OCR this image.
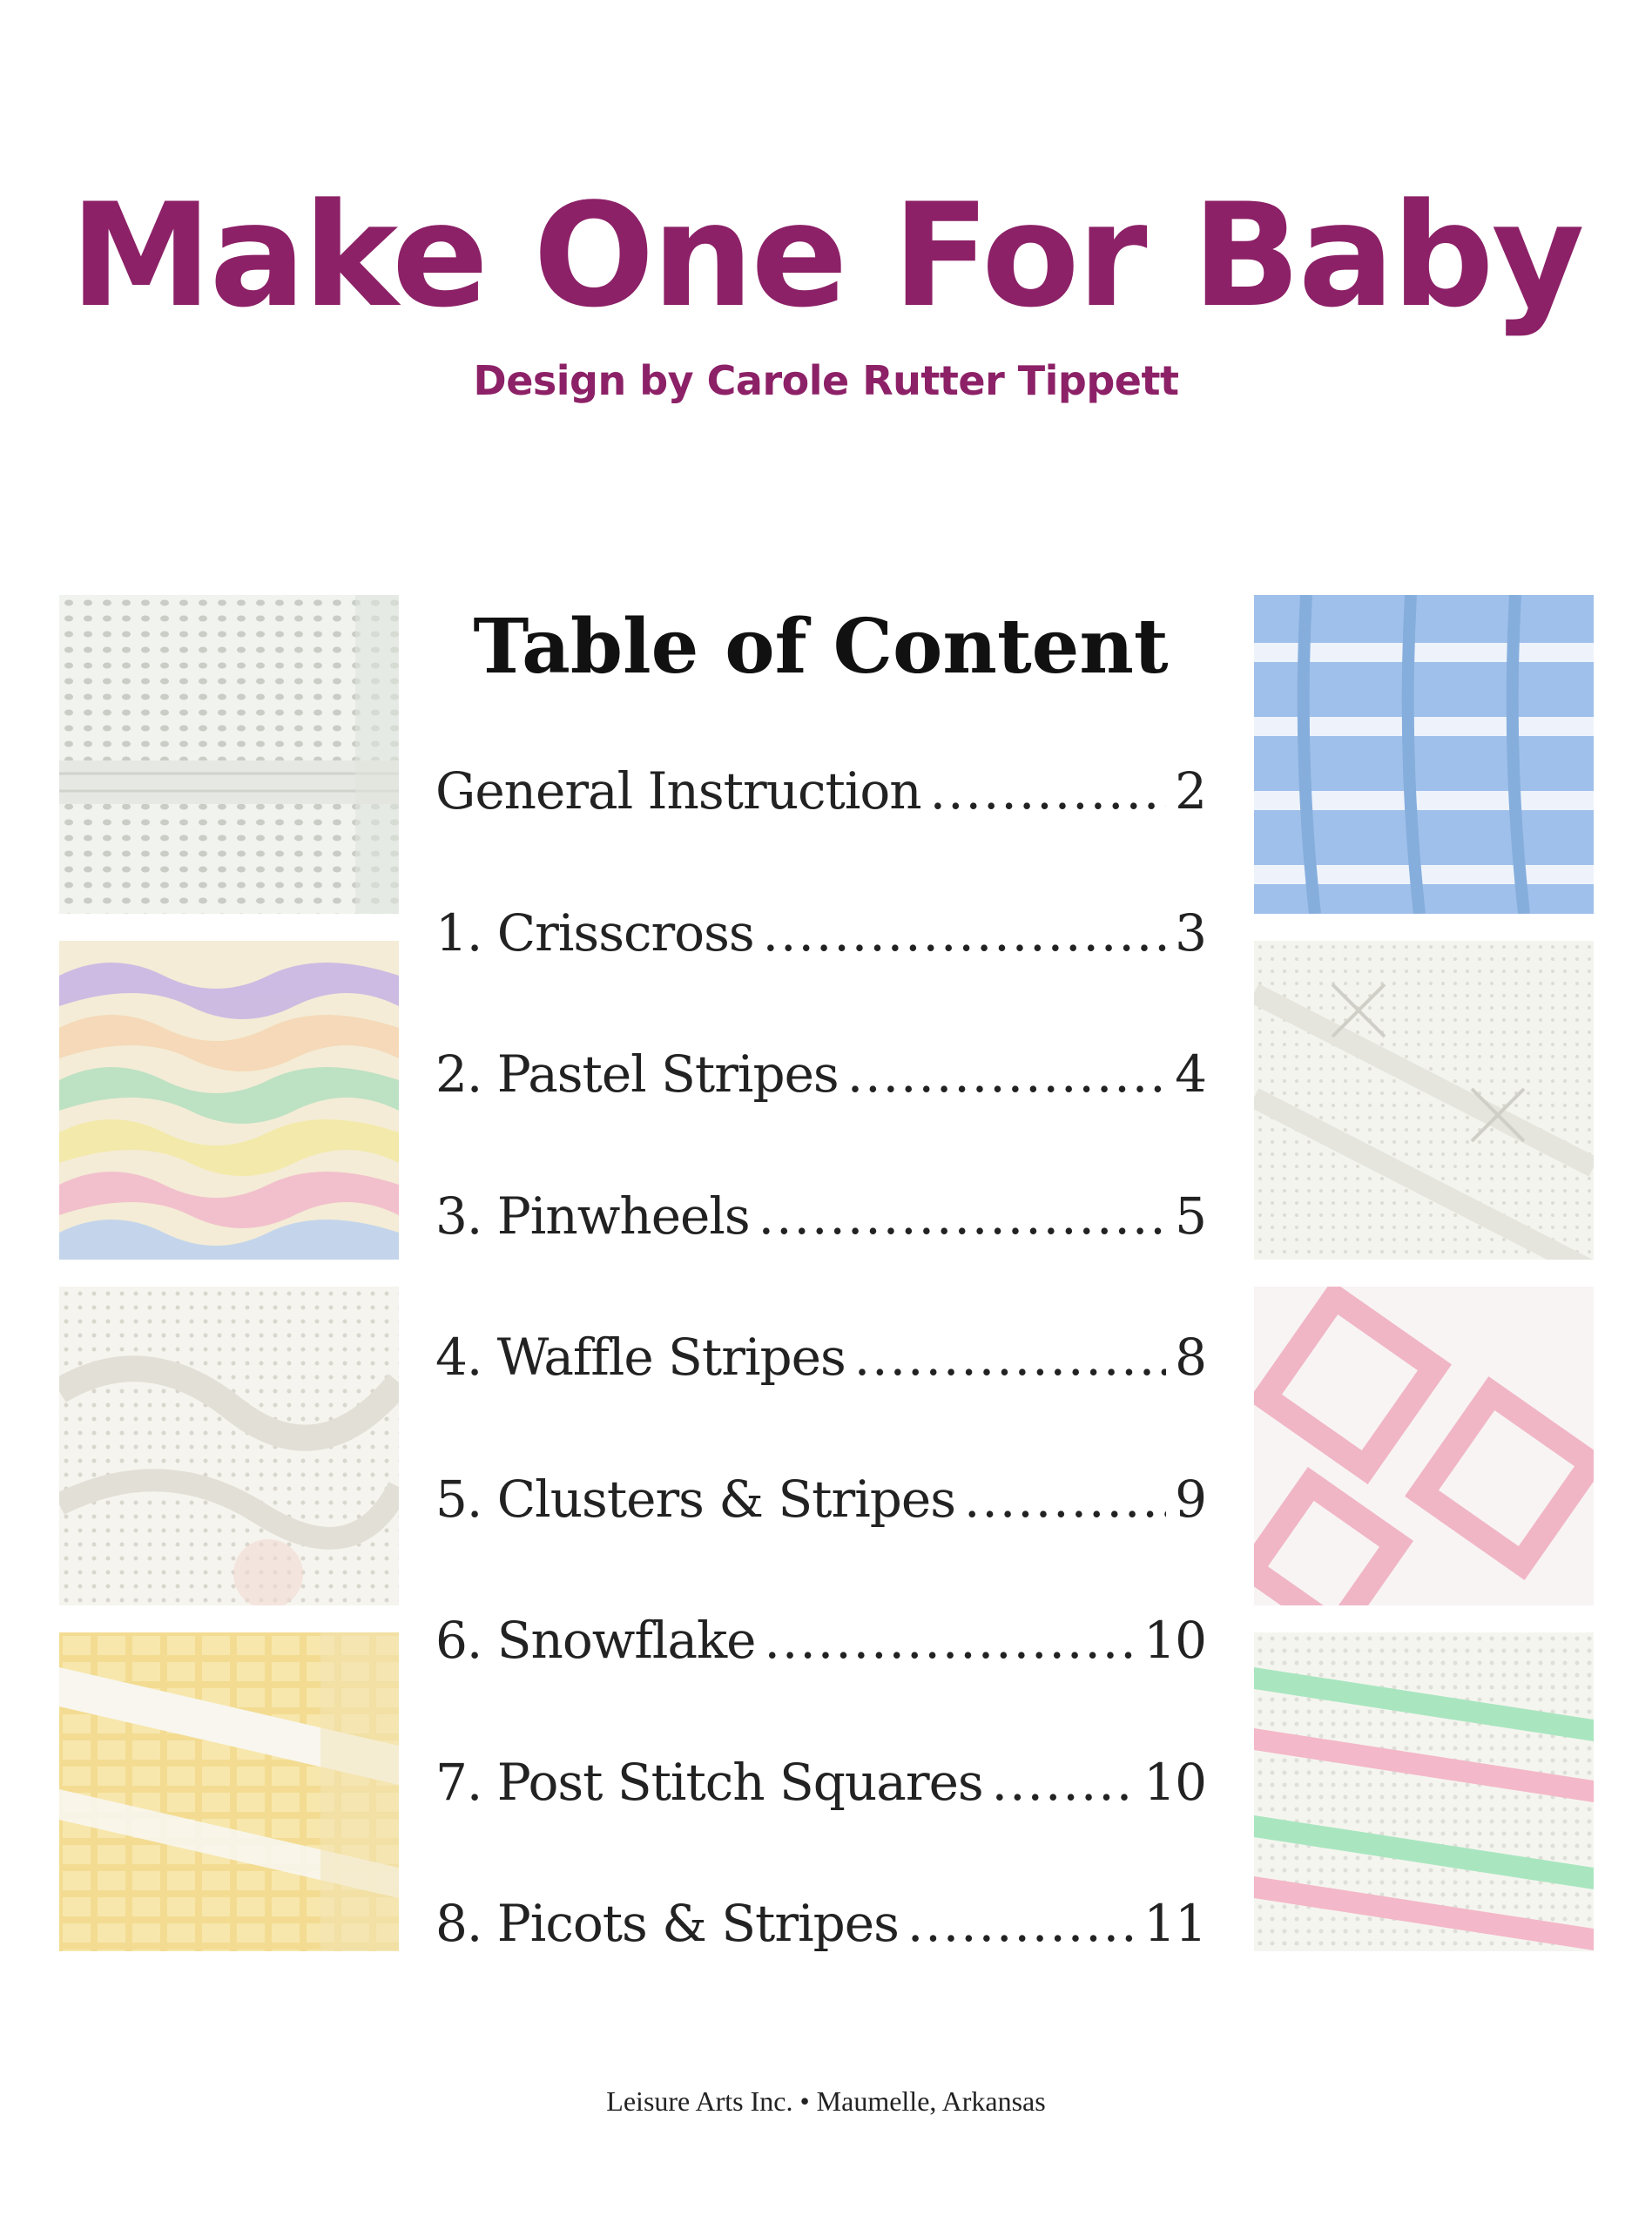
Make One For Baby
Design by Carole Rutter Tippett
Table of Content
General Instruction .....	2
1. Crisscross .....	3
2. Pastel Stripes .....	4
3. Pinwheels .....	5
4. Waffle Stripes .....	8
5. Clusters & Stripes .....	9
6. Snowflake .....	10
7. Post Stitch Squares .....	10
8. Picots & Stripes .....	11
Leisure Arts Inc. • Maumelle, Arkansas
